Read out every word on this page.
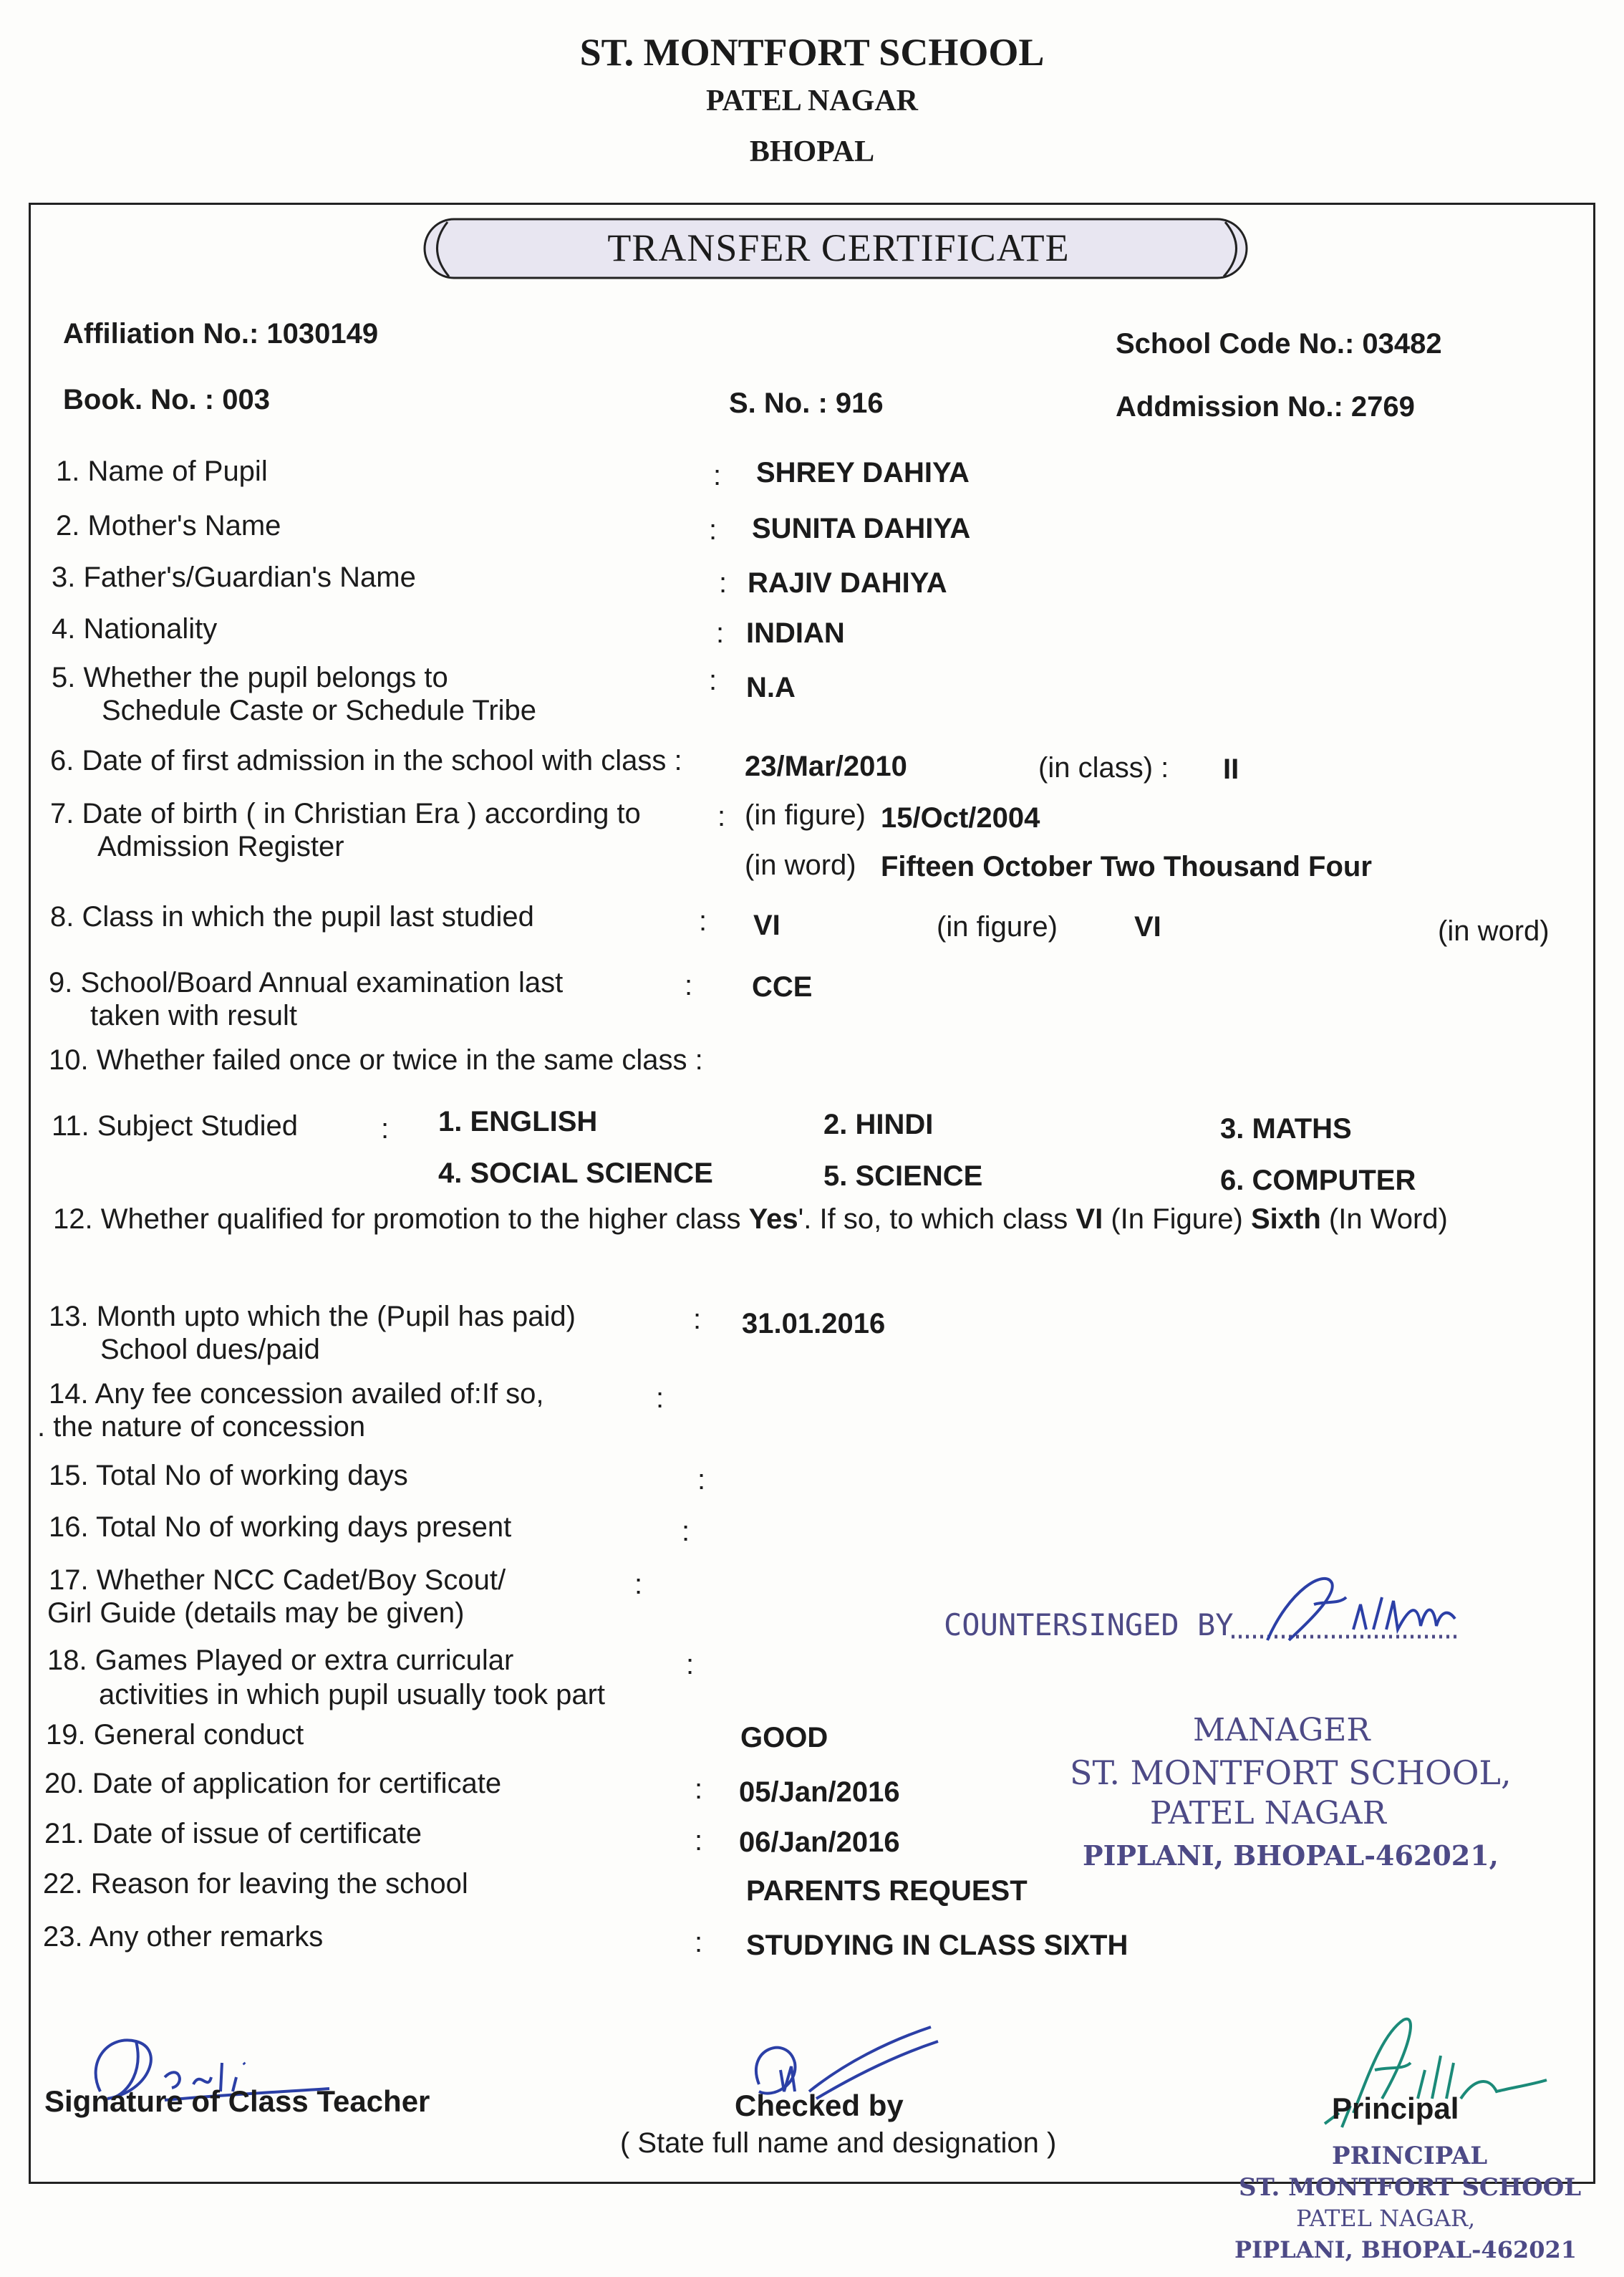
ST. MONTFORT SCHOOL
PATEL NAGAR
BHOPAL
TRANSFER CERTIFICATE
Affiliation No.: 1030149	School Code No.: 03482
Book. No. : 003	S. No. : 916	Addmission No.: 2769
1. Name of Pupil	: SHREY DAHIYA
2. Mother's Name	: SUNITA DAHIYA
3. Father's/Guardian's Name	: RAJIV DAHIYA
4. Nationality	: INDIAN
5. Whether the pupil belongs to
Schedule Caste or Schedule Tribe
: N.A
6. Date of first admission in the school with class : 23/Mar/2010	(in class) : II
7. Date of birth ( in Christian Era ) according to
Admission Register
: (in figure) 15/Oct/2004
(in word) Fifteen October Two Thousand Four
8. Class in which the pupil last studied	: VI	(in figure)	VI	(in word)
9. School/Board Annual examination last
taken with result
: CCE
10. Whether failed once or twice in the same class :
11. Subject Studied	: 1. ENGLISH	2. HINDI	3. MATHS
4. SOCIAL SCIENCE	5. SCIENCE	6. COMPUTER
12. Whether qualified for promotion to the higher class Yes'. If so, to which class VI (In Figure) Sixth (In Word)
13. Month upto which the (Pupil has paid)
School dues/paid
: 31.01.2016
14. Any fee concession availed of:If so,
. the nature of concession
:
15. Total No of working days	:
16. Total No of working days present	:
17. Whether NCC Cadet/Boy Scout/
Girl Guide (details may be given)
:
18. Games Played or extra curricular
activities in which pupil usually took part
:
19. General conduct	GOOD
20. Date of application for certificate	: 05/Jan/2016
21. Date of issue of certificate	: 06/Jan/2016
22. Reason for leaving the school	PARENTS REQUEST
23. Any other remarks	: STUDYING IN CLASS SIXTH
COUNTERSINGED BY
MANAGER
ST. MONTFORT SCHOOL,
PATEL NAGAR
PIPLANI, BHOPAL-462021,
Signature of Class Teacher	Checked by
( State full name and designation )
Principal
PRINCIPAL
ST. MONTFORT SCHOOL
PATEL NAGAR,
PIPLANI, BHOPAL-462021
